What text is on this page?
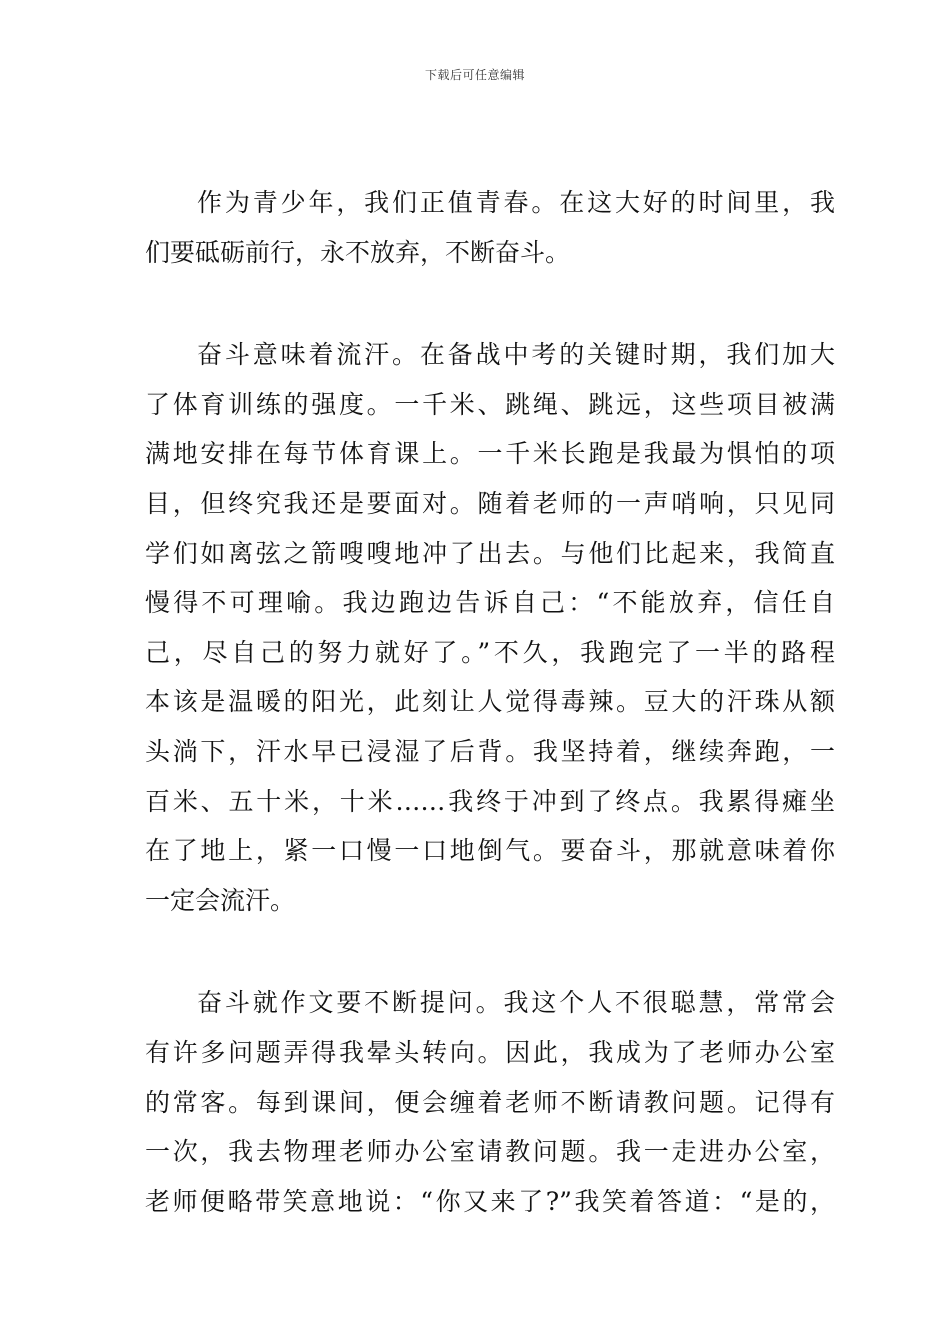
下载后可任意编辑
作为青少年，我们正值青春。在这大好的时间里，我
们要砥砺前行，永不放弃，不断奋斗。
奋斗意味着流汗。在备战中考的关键时期，我们加大
了体育训练的强度。一千米、跳绳、跳远，这些项目被满
满地安排在每节体育课上。一千米长跑是我最为惧怕的项
目，但终究我还是要面对。随着老师的一声哨响，只见同
学们如离弦之箭嗖嗖地冲了出去。与他们比起来，我简直
慢得不可理喻。我边跑边告诉自己：“不能放弃，信任自
己，尽自己的努力就好了。”不久，我跑完了一半的路程
本该是温暖的阳光，此刻让人觉得毒辣。豆大的汗珠从额
头淌下，汗水早已浸湿了后背。我坚持着，继续奔跑，一
百米、五十米，十米……我终于冲到了终点。我累得瘫坐
在了地上，紧一口慢一口地倒气。要奋斗，那就意味着你
一定会流汗。
奋斗就作文要不断提问。我这个人不很聪慧，常常会
有许多问题弄得我晕头转向。因此，我成为了老师办公室
的常客。每到课间，便会缠着老师不断请教问题。记得有
一次，我去物理老师办公室请教问题。我一走进办公室，
老师便略带笑意地说：“你又来了?”我笑着答道：“是的，
